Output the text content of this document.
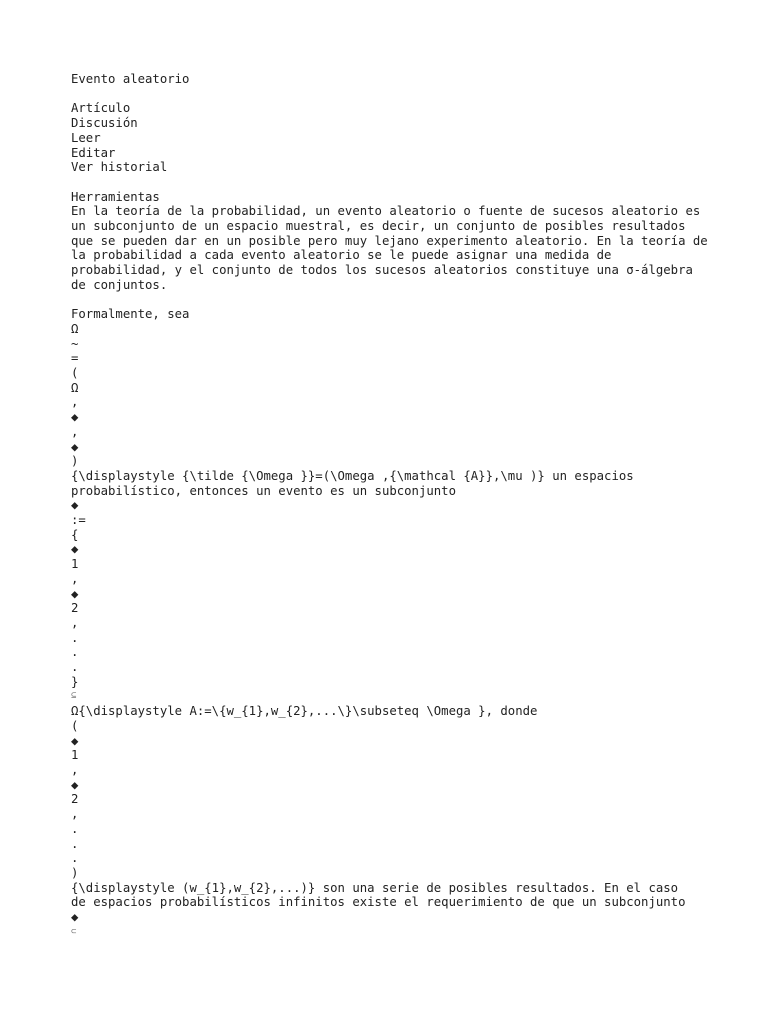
Evento aleatorio
Artículo
Discusión
Leer
Editar
Ver historial
Herramientas

En la teoría de la probabilidad, un evento aleatorio o fuente de sucesos aleatorio es un subconjunto de un espacio muestral, es decir, un conjunto de posibles resultados que se pueden dar en un posible pero muy lejano experimento aleatorio. En la teoría de la probabilidad a cada evento aleatorio se le puede asignar una medida de probabilidad, y el conjunto de todos los sucesos aleatorios constituye una σ-álgebra de conjuntos.

Formalmente, sea
Ω
~
=
(
Ω
,
◆
,
◆
)
{\displaystyle {\tilde {\Omega }}=(\Omega ,{\mathcal {A}},\mu )} un espacios
probabilístico, entonces un evento es un subconjunto
◆
:=
{
◆
1
,
◆
2
,
.
.
.
}
⊆
Ω{\displaystyle A:=\{w_{1},w_{2},...\}\subseteq \Omega }, donde
(
◆
1
,
◆
2
,
.
.
.
)
{\displaystyle (w_{1},w_{2},...)} son una serie de posibles resultados. En el caso
de espacios probabilísticos infinitos existe el requerimiento de que un subconjunto
◆
⊂
